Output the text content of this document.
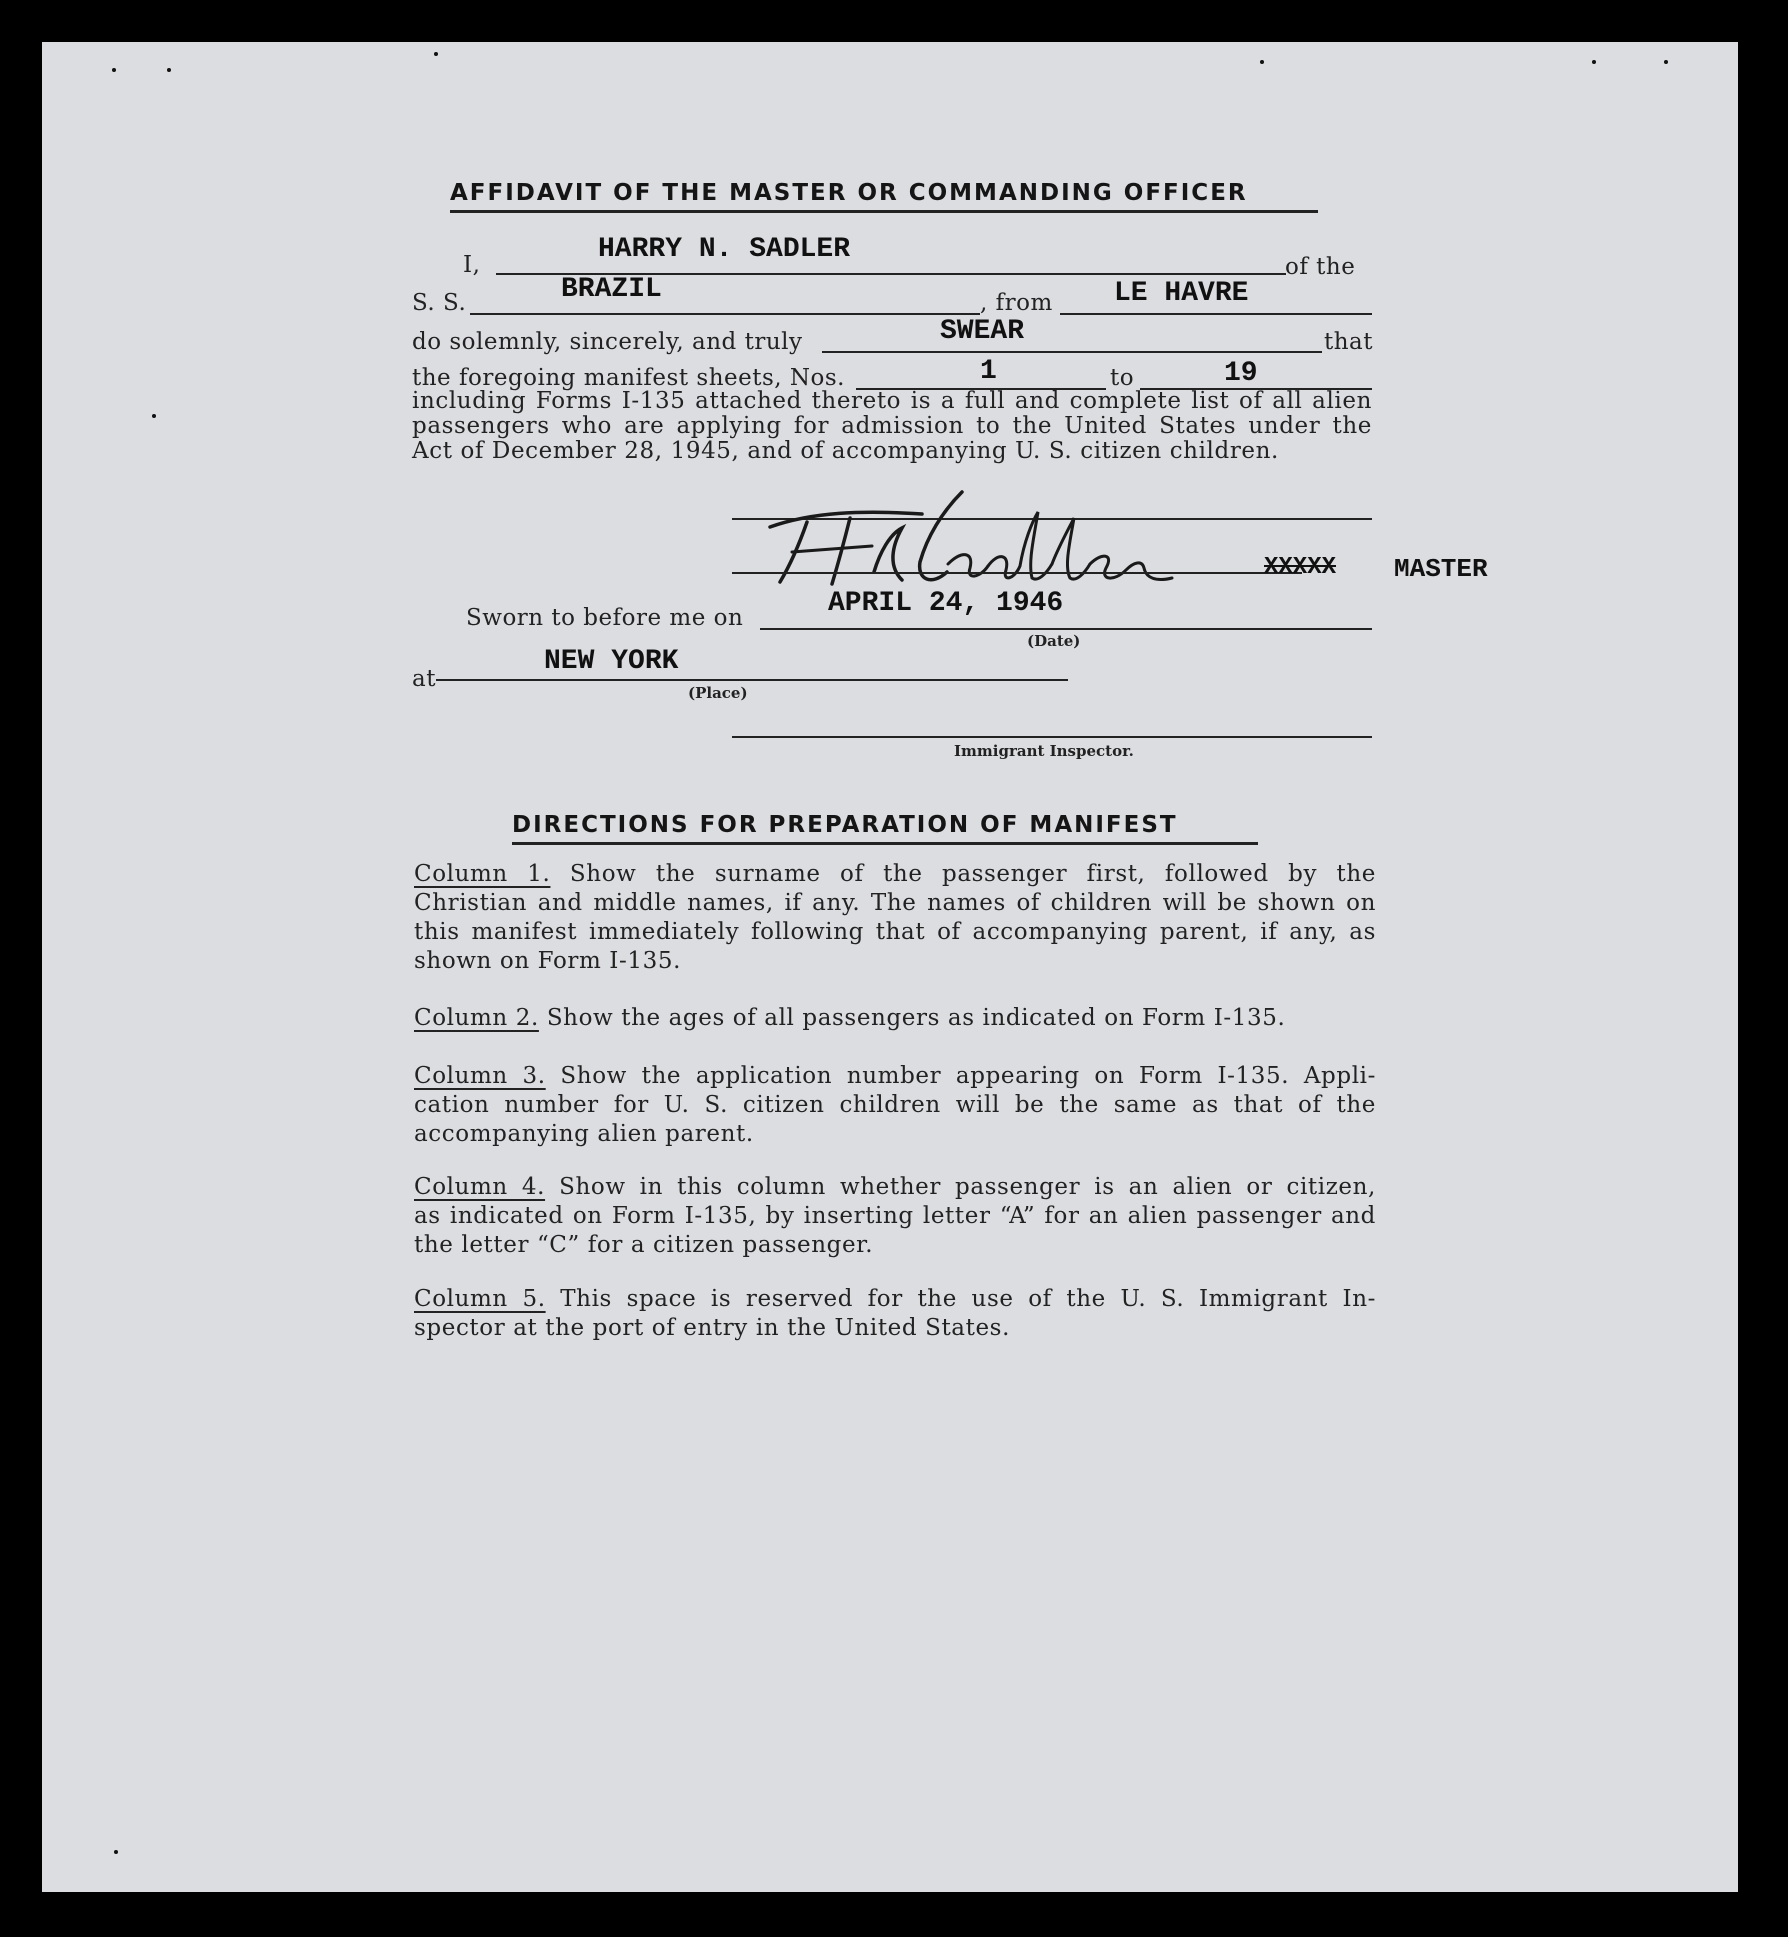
AFFIDAVIT OF THE MASTER OR COMMANDING OFFICER
I,	HARRY N. SADLER
of the
S. S.	BRAZIL	, from LE HAVRE
do solemnly, sincerely, and truly	SWEAR	that
the foregoing manifest sheets, Nos.	1	to	19
including Forms I-135 attached thereto is a full and complete list of all alien
passengers who are applying for admission to the United States under the
Act of December 28, 1945, and of accompanying U. S. citizen children.
H N Sadler
XXXXX MASTER
Sworn to before me on	APRIL 24, 1946
(Date)
at
NEW YORK
(Place)
Immigrant Inspector.
DIRECTIONS FOR PREPARATION OF MANIFEST
Column 1. Show the surname of the passenger first, followed by the
Christian and middle names, if any. The names of children will be shown on
this manifest immediately following that of accompanying parent, if any, as
shown on Form I-135.
Column 2. Show the ages of all passengers as indicated on Form I-135.
Column 3. Show the application number appearing on Form I-135. Appli-
cation number for U. S. citizen children will be the same as that of the
accompanying alien parent.
Column 4. Show in this column whether passenger is an alien or citizen,
as indicated on Form I-135, by inserting letter “A” for an alien passenger and
the letter “C” for a citizen passenger.
Column 5. This space is reserved for the use of the U. S. Immigrant In-
spector at the port of entry in the United States.
